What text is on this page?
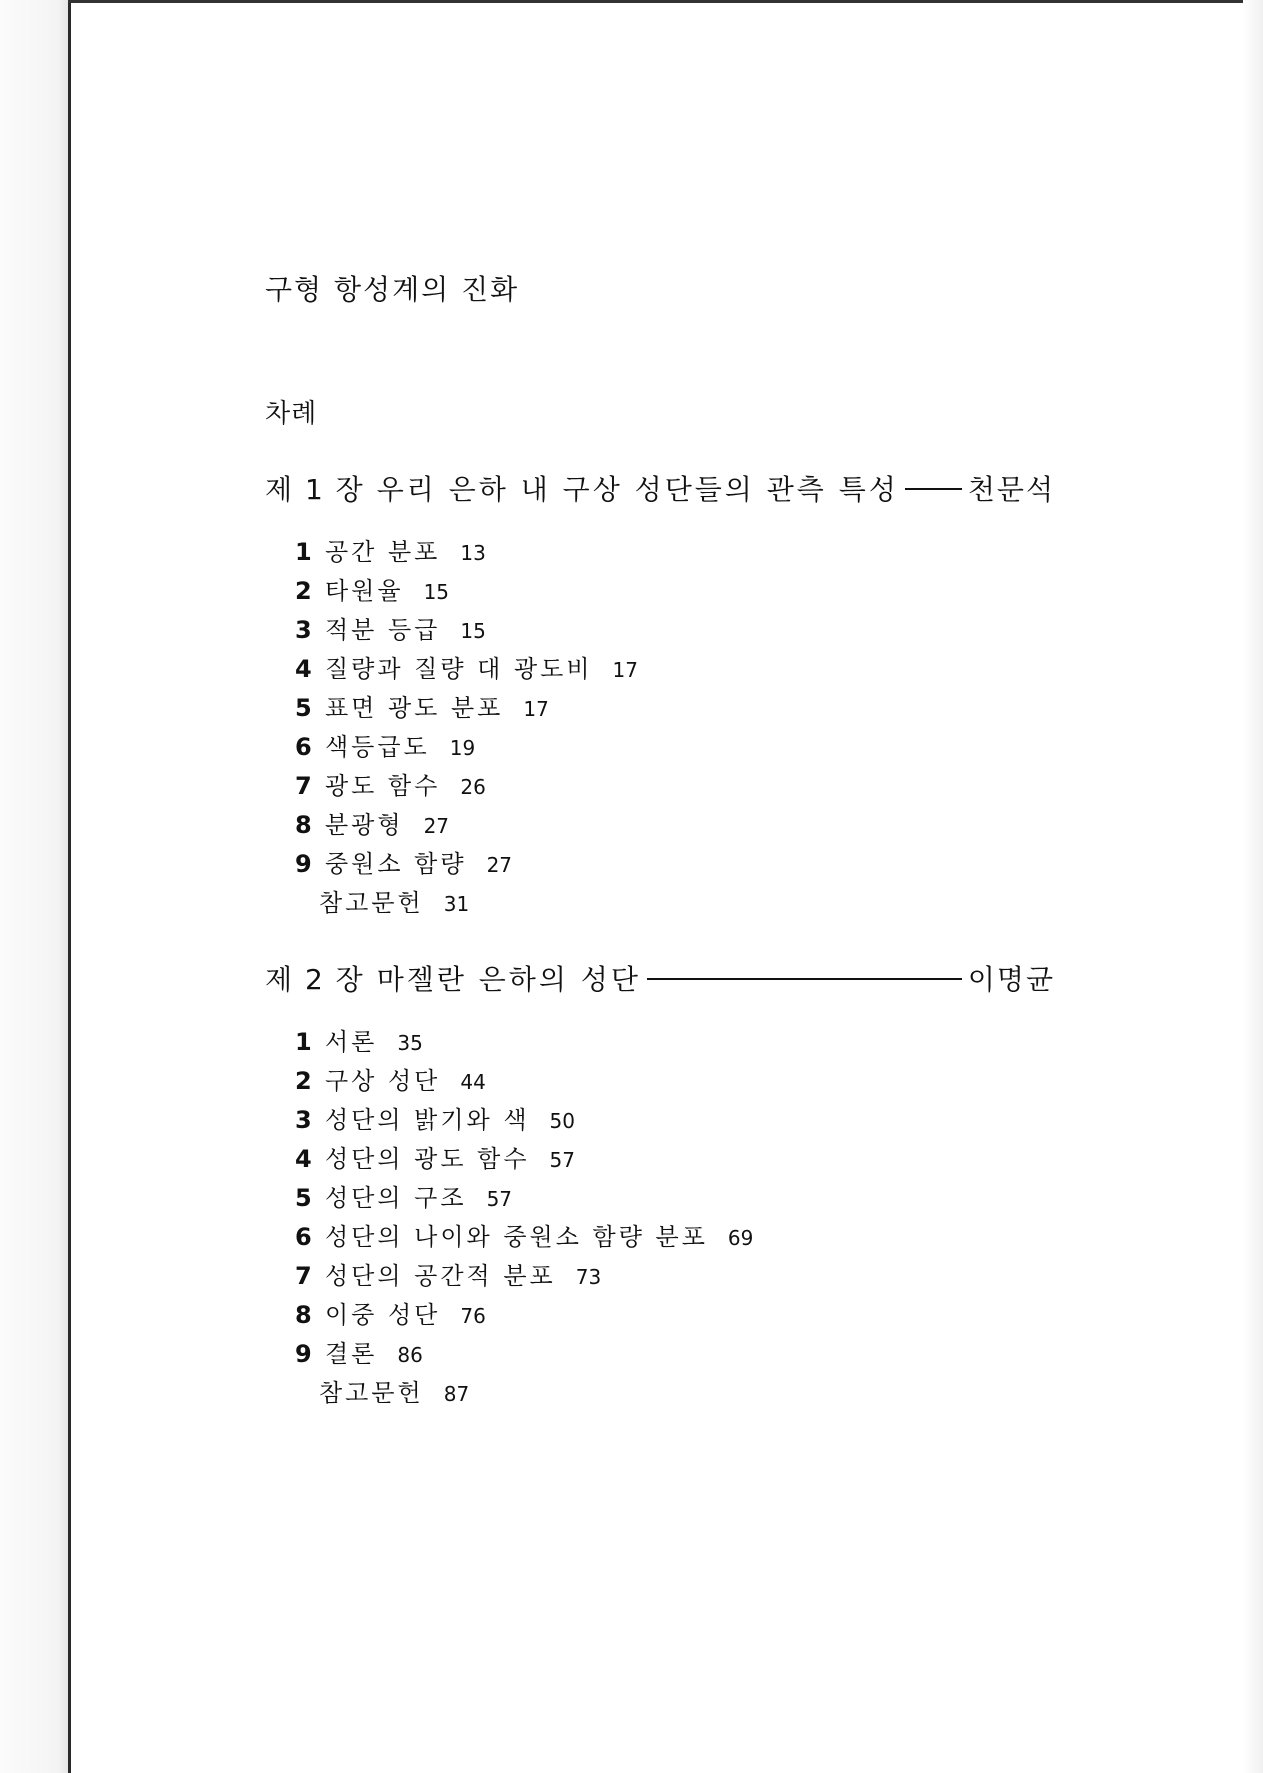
구형 항성계의 진화
차례
제 1 장 우리 은하 내 구상 성단들의 관측 특성 천문석
1 공간 분포 13
2 타원율 15
3 적분 등급 15
4 질량과 질량 대 광도비 17
5 표면 광도 분포 17
6 색등급도 19
7 광도 함수 26
8 분광형 27
9 중원소 함량 27
참고문헌 31
제 2 장 마젤란 은하의 성단	이명균
1 서론 35
2 구상 성단 44
3 성단의 밝기와 색 50
4 성단의 광도 함수 57
5 성단의 구조 57
6 성단의 나이와 중원소 함량 분포 69
7 성단의 공간적 분포 73
8 이중 성단 76
9 결론 86
참고문헌 87
